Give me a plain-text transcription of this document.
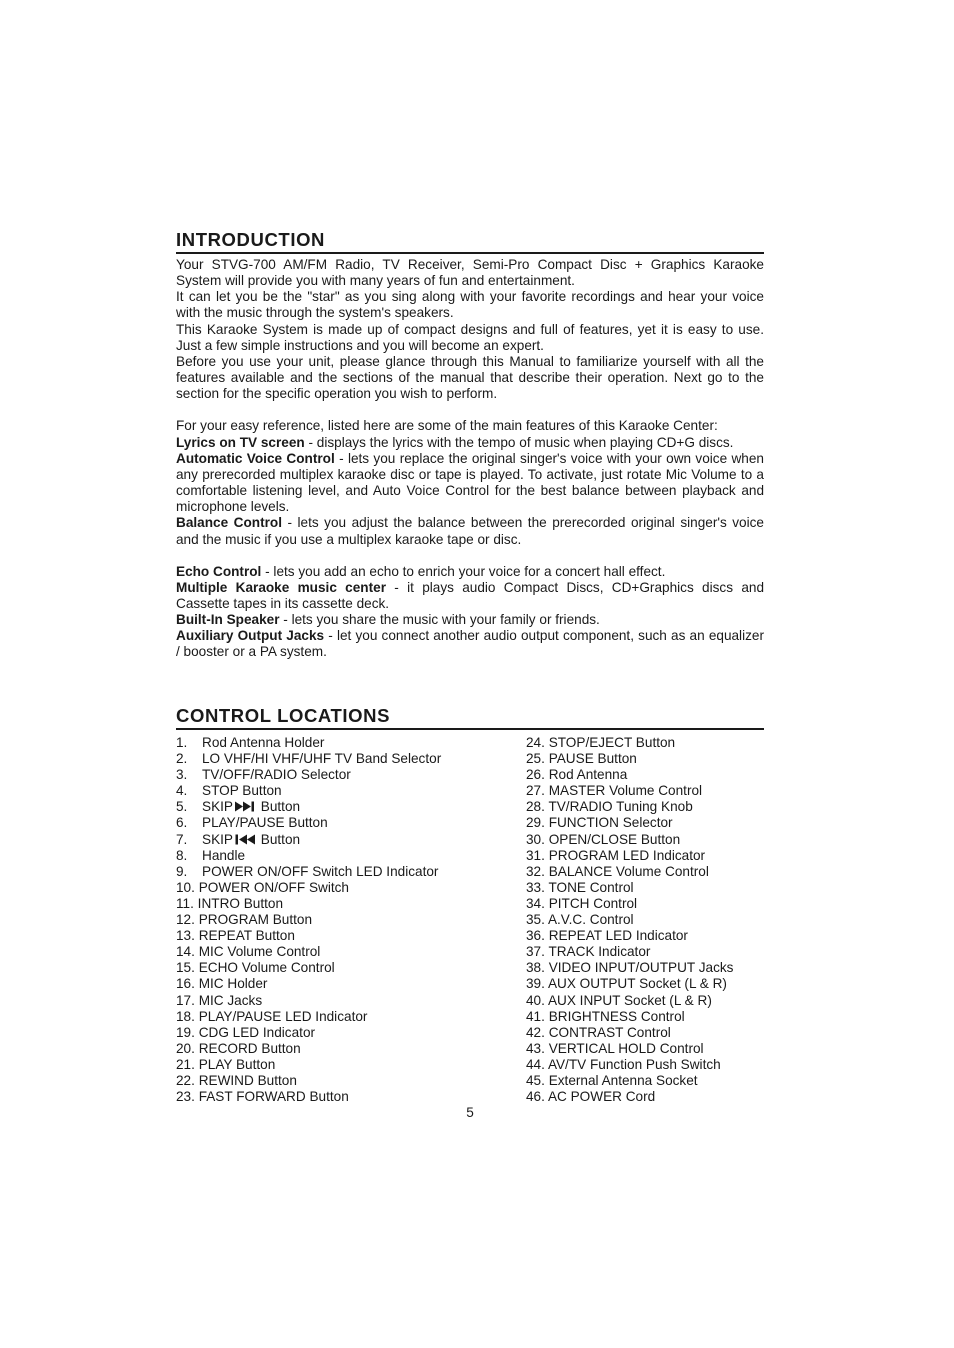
INTRODUCTION

Your STVG-700 AM/FM Radio, TV Receiver, Semi-Pro Compact Disc + Graphics Karaoke System will provide you with many years of fun and entertainment.

It can let you be the "star" as you sing along with your favorite recordings and hear your voice with the music through the system's speakers.

This Karaoke System is made up of compact designs and full of features, yet it is easy to use. Just a few simple instructions and you will become an expert.

Before you use your unit, please glance through this Manual to familiarize yourself with all the features available and the sections of the manual that describe their operation. Next go to the section for the specific operation you wish to perform.

For your easy reference, listed here are some of the main features of this Karaoke Center:

Lyrics on TV screen - displays the lyrics with the tempo of music when playing CD+G discs.

Automatic Voice Control - lets you replace the original singer's voice with your own voice when any prerecorded multiplex karaoke disc or tape is played. To activate, just rotate Mic Volume to a comfortable listening level, and Auto Voice Control for the best balance between playback and microphone levels.

Balance Control - lets you adjust the balance between the prerecorded original singer's voice and the music if you use a multiplex karaoke tape or disc.

Echo Control - lets you add an echo to enrich your voice for a concert hall effect.

Multiple Karaoke music center - it plays audio Compact Discs, CD+Graphics discs and Cassette tapes in its cassette deck.

Built-In Speaker - lets you share the music with your family or friends.

Auxiliary Output Jacks - let you connect another audio output component, such as an equalizer / booster or a PA system.

CONTROL LOCATIONS
1. Rod Antenna Holder
2. LO VHF/HI VHF/UHF TV Band Selector
3. TV/OFF/RADIO Selector
4. STOP Button
5. SKIP Button
6. PLAY/PAUSE Button
7. SKIP Button
8. Handle
9. POWER ON/OFF Switch LED Indicator
10. POWER ON/OFF Switch
11. INTRO Button
12. PROGRAM Button
13. REPEAT Button
14. MIC Volume Control
15. ECHO Volume Control
16. MIC Holder
17. MIC Jacks
18. PLAY/PAUSE LED Indicator
19. CDG LED Indicator
20. RECORD Button
21. PLAY Button
22. REWIND Button
23. FAST FORWARD Button
24. STOP/EJECT Button
25. PAUSE Button
26. Rod Antenna
27. MASTER Volume Control
28. TV/RADIO Tuning Knob
29. FUNCTION Selector
30. OPEN/CLOSE Button
31. PROGRAM LED Indicator
32. BALANCE Volume Control
33. TONE Control
34. PITCH Control
35. A.V.C. Control
36. REPEAT LED Indicator
37. TRACK Indicator
38. VIDEO INPUT/OUTPUT Jacks
39. AUX OUTPUT Socket (L & R)
40. AUX INPUT Socket (L & R)
41. BRIGHTNESS Control
42. CONTRAST Control
43. VERTICAL HOLD Control
44. AV/TV Function Push Switch
45. External Antenna Socket
46. AC POWER Cord
5
